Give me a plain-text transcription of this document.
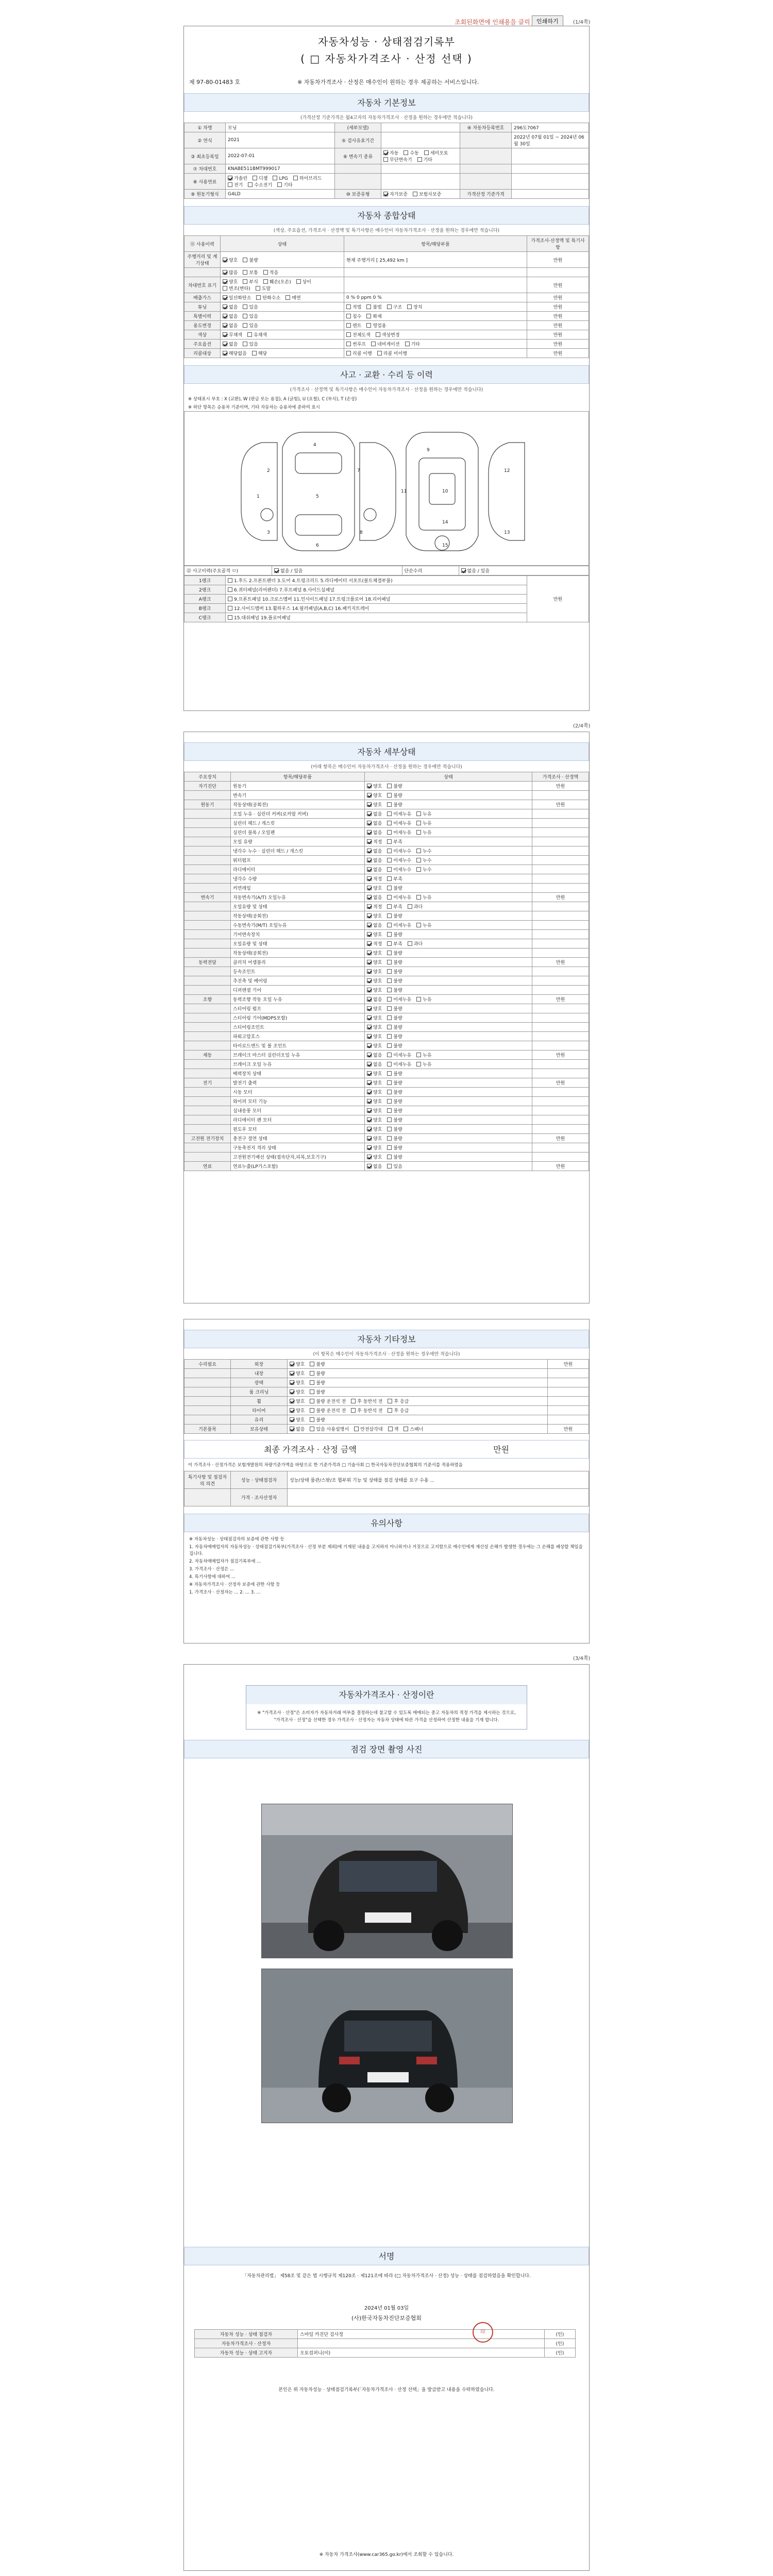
조회된화면에 인쇄용을 클릭	인쇄하기	(1/4쪽)
자동차성능 · 상태점검기록부
( □ 자동차가격조사 · 산정 선택 )
제 97-80-01483 호	※ 자동차가격조사 · 산정은 매수인이 원하는 경우 제공하는 서비스입니다.
자동차 기본정보
(가격산정 기준가격은 월4고자의 자동차가격조사 · 산정을 원하는 경우에만 적습니다)
① 차명	모닝	(세부모델)		④ 자동차등록번호	296도7067
② 연식	2021	⑤ 검사유효기간			2022년 07월 01일 ~ 2024년 06월 30일
③ 최초등록일	2022-07-01	⑥ 변속기 종류	자동 수동 세미오토무단변속기 기타		
⑦ 차대번호	KNABE511BMT999017				
⑧ 사용연료	가솔린 디젤 LPG 하이브리드전기 수소전기 기타				
⑨ 원동기형식	G4LD	⑩ 보증유형	자가보증 보험사보증	가격산정 기준가격	
자동차 종합상태
(색상, 주요옵션, 가격조사 · 산정액 및 특기사항은 매수인이 자동차가격조사 · 산정을 원하는 경우에만 적습니다)
⑪ 사용이력	상태	항목/해당부품	가격조사·산정액 및 특기사항
주행거리 및 계기상태	양호 불량	현재 주행거리 [ 25,492 km ]	만원
	많음 보통 적음		
차대번호 표기	양호 부식 훼손(오손) 상이변조(변타) 도말		만원
배출가스	일산화탄소 탄화수소 매연	0 % 0 ppm 0 %	만원
튜닝	없음 있음	적법 불법 구조 장치	만원
특별이력	없음 있음	침수 화재	만원
용도변경	없음 있음	렌트 영업용	만원
색상	무채색 유채색	전체도색 색상변경	만원
주요옵션	없음 있음	썬루프 네비게이션 기타	만원
리콜대상	해당없음 해당	리콜 이행 리콜 미이행	만원
사고 · 교환 · 수리 등 이력
(가격조사 · 산정액 및 특기사항은 매수인이 자동차가격조사 · 산정을 원하는 경우에만 적습니다)
※ 상태표시 부호 : X (교환), W (판금 또는 용접), A (긁힘), U (요철), C (부식), T (손상)
※ 하단 항목은 승용차 기준이며, 기타 자동차는 승용차에 준하여 표시
1
2
3
4
5
6
7
8
9
10
11
12
13
14
15
⑫ 사고이력(주요골격 ㅁ)	없음 / 있음	단순수리	없음 / 있음
1랭크	1.후드 2.프론트펜더 3.도어 4.트렁크리드 5.라디에이터 서포트(볼트체결부품)	만원
2랭크	6.쿼터패널(리어펜더) 7.루프패널 8.사이드실패널	
A랭크	9.프론트패널 10.크로스멤버 11.인사이드패널 17.트렁크플로어 18.리어패널	
B랭크	12.사이드멤버 13.휠하우스 14.필러패널(A,B,C) 16.패키지트레이	
C랭크	15.대쉬패널 19.플로어패널	
(2/4쪽)
자동차 세부상태
(아래 항목은 매수인이 자동차가격조사 · 산정을 원하는 경우에만 적습니다)
주요장치	항목/해당부품	상태	가격조사 · 산정액
자기진단	원동기	양호 불량	만원
	변속기	양호 불량	
원동기	작동상태(공회전)	양호 불량	만원
	오일 누유 · 실린더 커버(로커암 커버)	없음 미세누유 누유	
	실린더 헤드 / 개스킷	없음 미세누유 누유	
	실린더 블록 / 오일팬	없음 미세누유 누유	
	오일 유량	적정 부족	
	냉각수 누수 · 실린더 헤드 / 개스킷	없음 미세누수 누수	
	워터펌프	없음 미세누수 누수	
	라디에이터	없음 미세누수 누수	
	냉각수 수량	적정 부족	
	커먼레일	양호 불량	
변속기	자동변속기(A/T) 오일누유	없음 미세누유 누유	만원
	오일유량 및 상태	적정 부족 과다	
	작동상태(공회전)	양호 불량	
	수동변속기(M/T) 오일누유	없음 미세누유 누유	
	기어변속장치	양호 불량	
	오일유량 및 상태	적정 부족 과다	
	작동상태(공회전)	양호 불량	
동력전달	클러치 어셈블리	양호 불량	만원
	등속조인트	양호 불량	
	추진축 및 베어링	양호 불량	
	디퍼렌셜 기어	양호 불량	
조향	동력조향 작동 오일 누유	없음 미세누유 누유	만원
	스티어링 펌프	양호 불량	
	스티어링 기어(MDPS포함)	양호 불량	
	스티어링조인트	양호 불량	
	파워고압호스	양호 불량	
	타이로드엔드 및 볼 조인트	양호 불량	
제동	브레이크 마스터 실린더오일 누유	없음 미세누유 누유	만원
	브레이크 오일 누유	없음 미세누유 누유	
	배력장치 상태	양호 불량	
전기	발전기 출력	양호 불량	만원
	시동 모터	양호 불량	
	와이퍼 모터 기능	양호 불량	
	실내송풍 모터	양호 불량	
	라디에이터 팬 모터	양호 불량	
	윈도우 모터	양호 불량	
고전원 전기장치	충전구 절연 상태	양호 불량	만원
	구동축전지 격리 상태	양호 불량	
	고전원전기배선 상태(접속단자,피복,보호기구)	양호 불량	
연료	연료누출(LP가스포함)	없음 있음	만원
자동차 기타정보
(이 항목은 매수인이 자동차가격조사 · 산정을 원하는 경우에만 적습니다)
수리필요	외장	양호 불량	만원
	내장	양호 불량	
	광택	양호 불량	
	룸 크리닝	양호 불량	
	휠	양호 불량 운전석 전 후 동반석 전 후 응급	
	타이어	양호 불량 운전석 전 후 동반석 전 후 응급	
	유리	양호 불량	
기본품목	보유상태	없음 있음 사용설명서 안전삼각대 잭 스패너	만원
최종 가격조사 · 산정 금액	만원
이 가격조사 · 산정가격은 보험개발원의 차량기준가액을 바탕으로 한 기준가격과 □ 기술사회 □ 한국자동차진단보증협회의 기준서를 적용하였음
특기사항 및 점검자의 의견	성능 · 상태점검자	성능/상태 품관/스팟/조 협부위 기능 및 상태를 점검 상태를 요구 수용 ...
	가격 · 조사산정자	
유의사항

※ 자동차성능 · 상태점검자의 보증에 관한 사항 등

1. 자동차매매업자의 자동차성능 · 상태점검기록부(가격조사 · 산정 부분 제외)에 기재된 내용을 고지하지 아니하거나 거짓으로 고지함으로 매수인에게 재산상 손해가 발생한 경우에는 그 손해를 배상할 책임을 집니다.

2. 자동차매매업자가 점검기록부에 ...

3. 가격조사 · 산정은 ...

4. 특기사항에 대하여 ...

※ 자동차가격조사 · 산정자 보증에 관한 사항 등

1. 가격조사 · 산정자는 ... 2. ... 3. ...

(3/4쪽)
자동차가격조사 · 산정이란
※ "가격조사 · 산정"은 소비자가 자동차거래 여부를 결정하는데 참고할 수 있도록 매매되는 중고 자동차의 적정 가격을 제시하는 것으로, "가격조사 · 산정"을 선택한 경우 가격조사 · 산정자는 자동차 상태에 따른 가격을 산정하여 산정한 내용을 기재 합니다.
점검 장면 촬영 사진
서명
「자동차관리법」 제58조 및 같은 법 시행규칙 제120조 · 제121조에 따라 (□ 자동차가격조사 · 산정) 성능 · 상태를 점검하였음을 확인합니다.
2024년 01월 03일
(사)한국자동차진단보증협회
자동차 성능 · 상태 점검자	스마일 카진단 검사정	(인)
자동차가격조사 · 산정자		(인)
자동차 성능 · 상태 고지자	오토컴퍼니(이)	(인)
印
본인은 위 자동차성능 · 상태점검기록부(「자동차가격조사 · 산정 선택」을 발급받고 내용을 수락하였습니다.
※ 자동차 가격조사(www.car365.go.kr)에서 조회할 수 있습니다.
